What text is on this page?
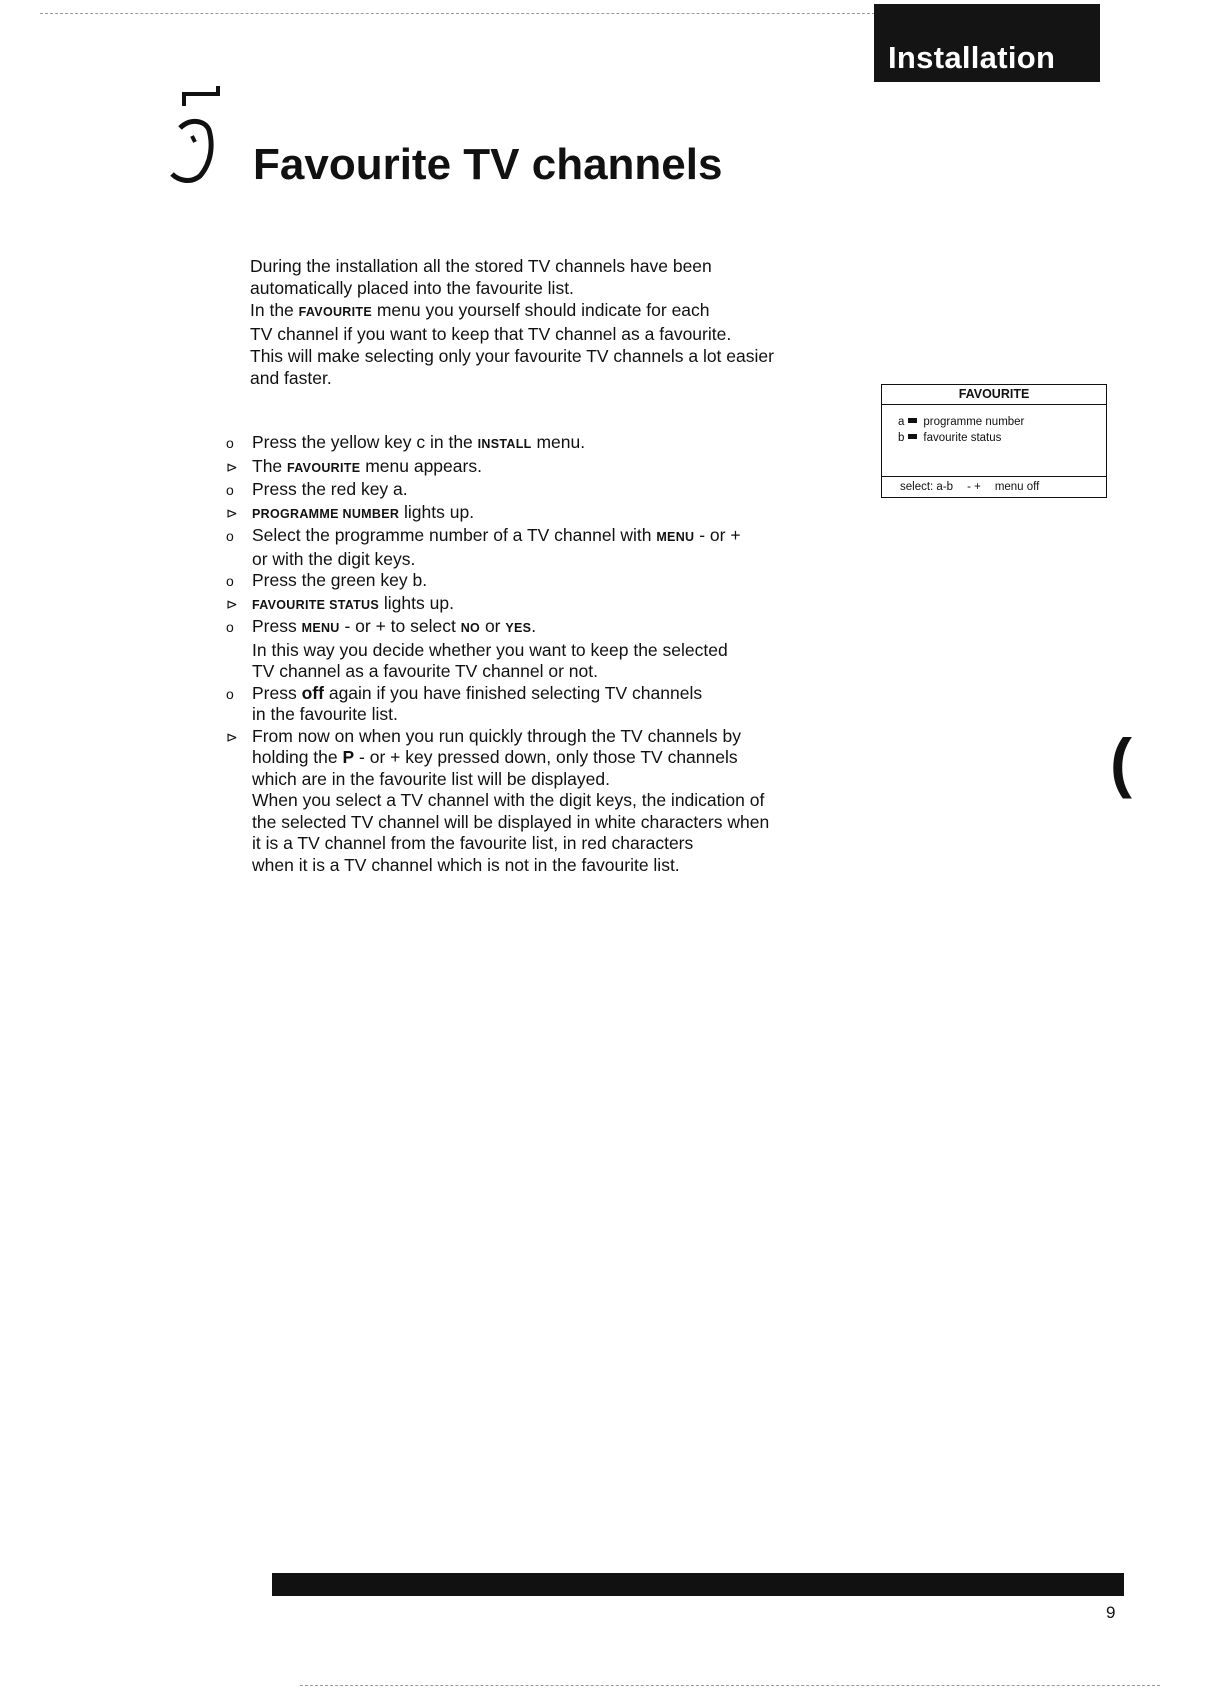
Installation
Favourite TV channels

During the installation all the stored TV channels have been

automatically placed into the favourite list.

In the FAVOURITE menu you yourself should indicate for each

TV channel if you want to keep that TV channel as a favourite.

This will make selecting only your favourite TV channels a lot easier

and faster.

o	Press the yellow key c in the INSTALL menu.

⊳ The FAVOURITE menu appears.

o	Press the red key a.

⊳	PROGRAMME NUMBER lights up.

o	Select the programme number of a TV channel with MENU - or +

or with the digit keys.

o	Press the green key b.

⊳	FAVOURITE STATUS lights up.

o	Press MENU - or + to select NO or YES.

In this way you decide whether you want to keep the selected

TV channel as a favourite TV channel or not.

o	Press off again if you have finished selecting TV channels

in the favourite list.

⊳ From now on when you run quickly through the TV channels by

holding the P - or + key pressed down, only those TV channels

which are in the favourite list will be displayed.

When you select a TV channel with the digit keys, the indication of

the selected TV channel will be displayed in white characters when

it is a TV channel from the favourite list, in red characters

when it is a TV channel which is not in the favourite list.

FAVOURITE
a programme number
b favourite status
select: a-b - + menu off
(
9
